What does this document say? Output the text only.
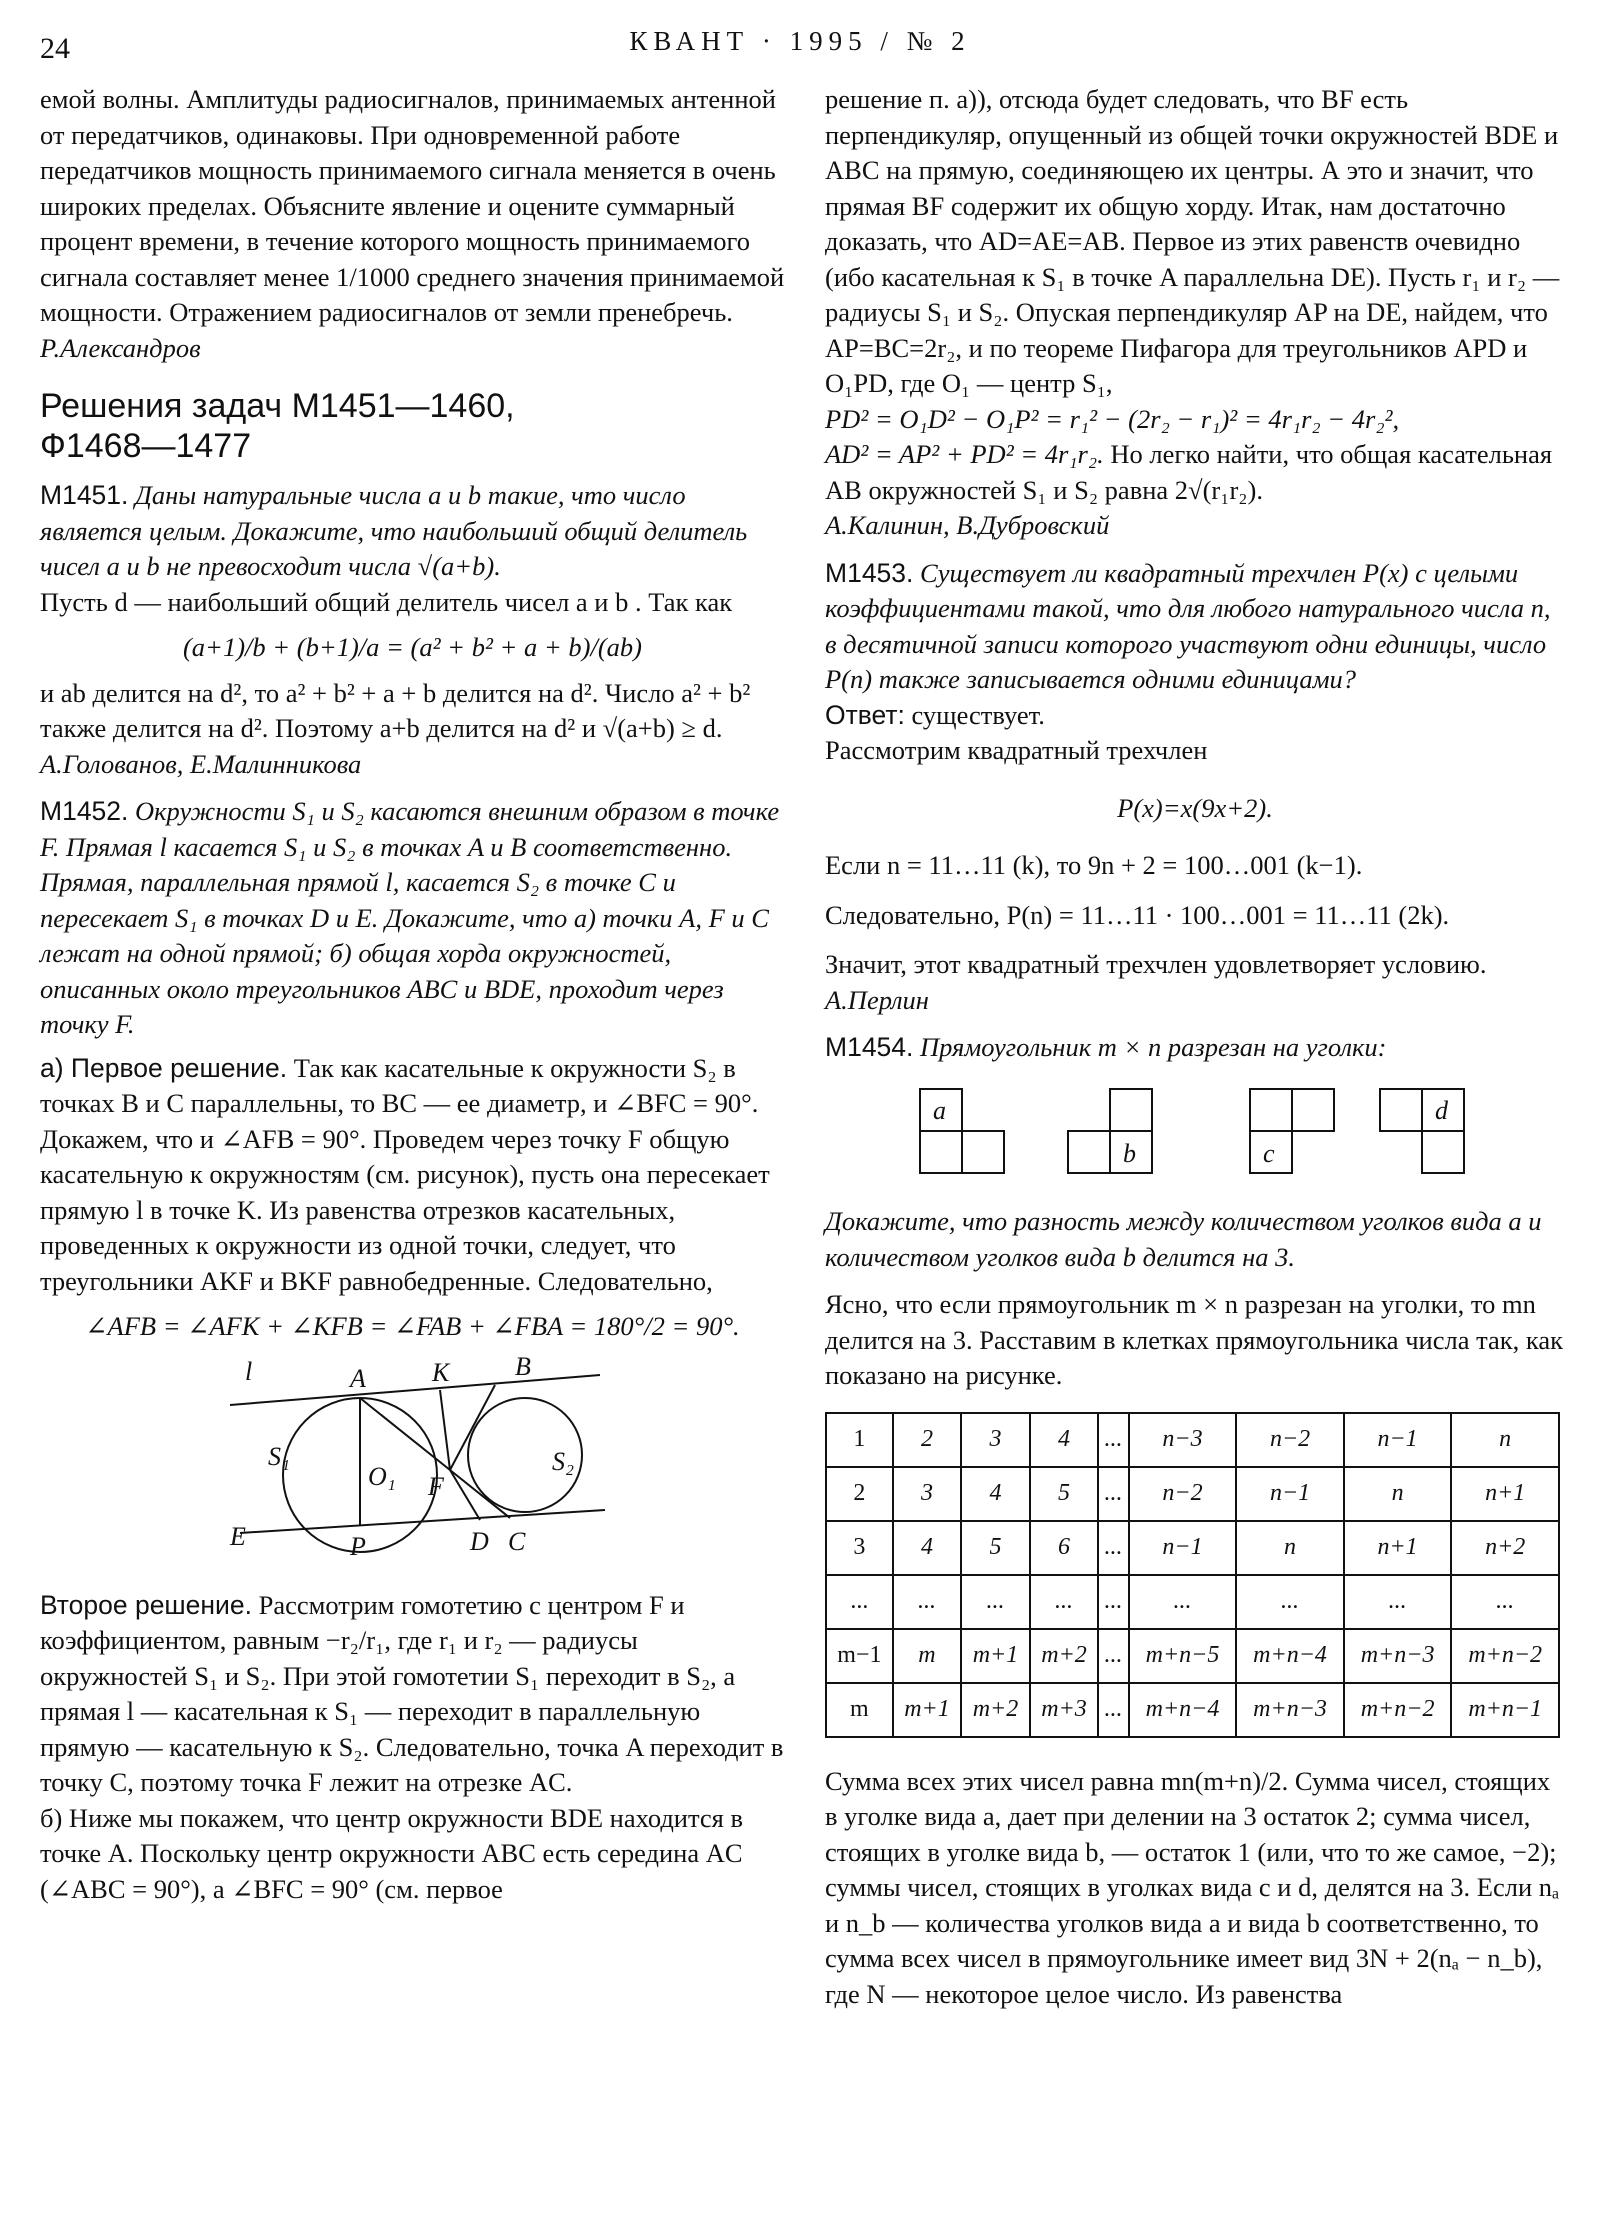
24	КВАНТ · 1995 / № 2

емой волны. Амплитуды радиосигналов, принимаемых антенной от передатчиков, одинаковы. При одновременной работе передатчиков мощность принимаемого сигнала меняется в очень широких пределах. Объясните явление и оцените суммарный процент времени, в течение которого мощность принимаемого сигнала составляет менее 1/1000 среднего значения принимаемой мощности. Отражением радиосигналов от земли пренебречь.

Р.Александров

Решения задач М1451—1460,
Ф1468—1477

М1451. Даны натуральные числа a и b такие, что число является целым. Докажите, что наибольший общий делитель чисел a и b не превосходит числа √(a+b).

Пусть d — наибольший общий делитель чисел a и b . Так как

(a+1)/b + (b+1)/a = (a² + b² + a + b)/(ab)

и ab делится на d², то a² + b² + a + b делится на d². Число a² + b² также делится на d². Поэтому a+b делится на d² и √(a+b) ≥ d.

А.Голованов, Е.Малинникова

М1452. Окружности S₁ и S₂ касаются внешним образом в точке F. Прямая l касается S₁ и S₂ в точках A и B соответственно. Прямая, параллельная прямой l, касается S₂ в точке C и пересекает S₁ в точках D и E. Докажите, что а) точки A, F и C лежат на одной прямой; б) общая хорда окружностей, описанных около треугольников ABC и BDE, проходит через точку F.

а) Первое решение. Так как касательные к окружности S₂ в точках B и C параллельны, то BC — ее диаметр, и ∠BFC = 90°. Докажем, что и ∠AFB = 90°. Проведем через точку F общую касательную к окружностям (см. рисунок), пусть она пересекает прямую l в точке K. Из равенства отрезков касательных, проведенных к окружности из одной точки, следует, что треугольники AKF и BKF равнобедренные. Следовательно,

∠AFB = ∠AFK + ∠KFB = ∠FAB + ∠FBA = 180°/2 = 90°.

l	A	K	B
S₁
O₁ F
S₂
E	P	D C

Второе решение. Рассмотрим гомотетию с центром F и коэффициентом, равным −r₂/r₁, где r₁ и r₂ — радиусы окружностей S₁ и S₂. При этой гомотетии S₁ переходит в S₂, а прямая l — касательная к S₁ — переходит в параллельную прямую — касательную к S₂. Следовательно, точка A переходит в точку C, поэтому точка F лежит на отрезке AC.

б) Ниже мы покажем, что центр окружности BDE находится в точке A. Поскольку центр окружности ABC есть середина AC (∠ABC = 90°), а ∠BFC = 90° (см. первое

решение п. а)), отсюда будет следовать, что BF есть перпендикуляр, опущенный из общей точки окружностей BDE и ABC на прямую, соединяющею их центры. А это и значит, что прямая BF содержит их общую хорду. Итак, нам достаточно доказать, что AD=AE=AB. Первое из этих равенств очевидно (ибо касательная к S₁ в точке A параллельна DE). Пусть r₁ и r₂ — радиусы S₁ и S₂. Опуская перпендикуляр AP на DE, найдем, что AP=BC=2r₂, и по теореме Пифагора для треугольников APD и O₁PD, где O₁ — центр S₁,

PD² = O₁D² − O₁P² = r₁² − (2r₂ − r₁)² = 4r₁r₂ − 4r₂²,

AD² = AP² + PD² = 4r₁r₂. Но легко найти, что общая касательная AB окружностей S₁ и S₂ равна 2√(r₁r₂).

А.Калинин, В.Дубровский

М1453. Существует ли квадратный трехчлен P(x) с целыми коэффициентами такой, что для любого натурального числа n, в десятичной записи которого участвуют одни единицы, число P(n) также записывается одними единицами?

Ответ: существует.

Рассмотрим квадратный трехчлен

P(x)=x(9x+2).

Если n = 11…11 (k), то 9n + 2 = 100…001 (k−1).

Следовательно, P(n) = 11…11 · 100…001 = 11…11 (2k).

Значит, этот квадратный трехчлен удовлетворяет условию.

А.Перлин

М1454. Прямоугольник m × n разрезан на уголки:

a
b	c
d

Докажите, что разность между количеством уголков вида a и количеством уголков вида b делится на 3.

Ясно, что если прямоугольник m × n разрезан на уголки, то mn делится на 3. Расставим в клетках прямоугольника числа так, как показано на рисунке.

1	2	3	4	...	n−3	n−2	n−1	n
2	3	4	5	...	n−2	n−1	n	n+1
3	4	5	6	...	n−1	n	n+1	n+2
...	...	...	...	...	...	...	...	...
m−1	m	m+1	m+2	...	m+n−5	m+n−4	m+n−3	m+n−2
m	m+1	m+2	m+3	...	m+n−4	m+n−3	m+n−2	m+n−1

Сумма всех этих чисел равна mn(m+n)/2. Сумма чисел, стоящих в уголке вида a, дает при делении на 3 остаток 2; сумма чисел, стоящих в уголке вида b, — остаток 1 (или, что то же самое, −2); суммы чисел, стоящих в уголках вида c и d, делятся на 3. Если nₐ и n_b — количества уголков вида a и вида b соответственно, то сумма всех чисел в прямоугольнике имеет вид 3N + 2(nₐ − n_b), где N — некоторое целое число. Из равенства
